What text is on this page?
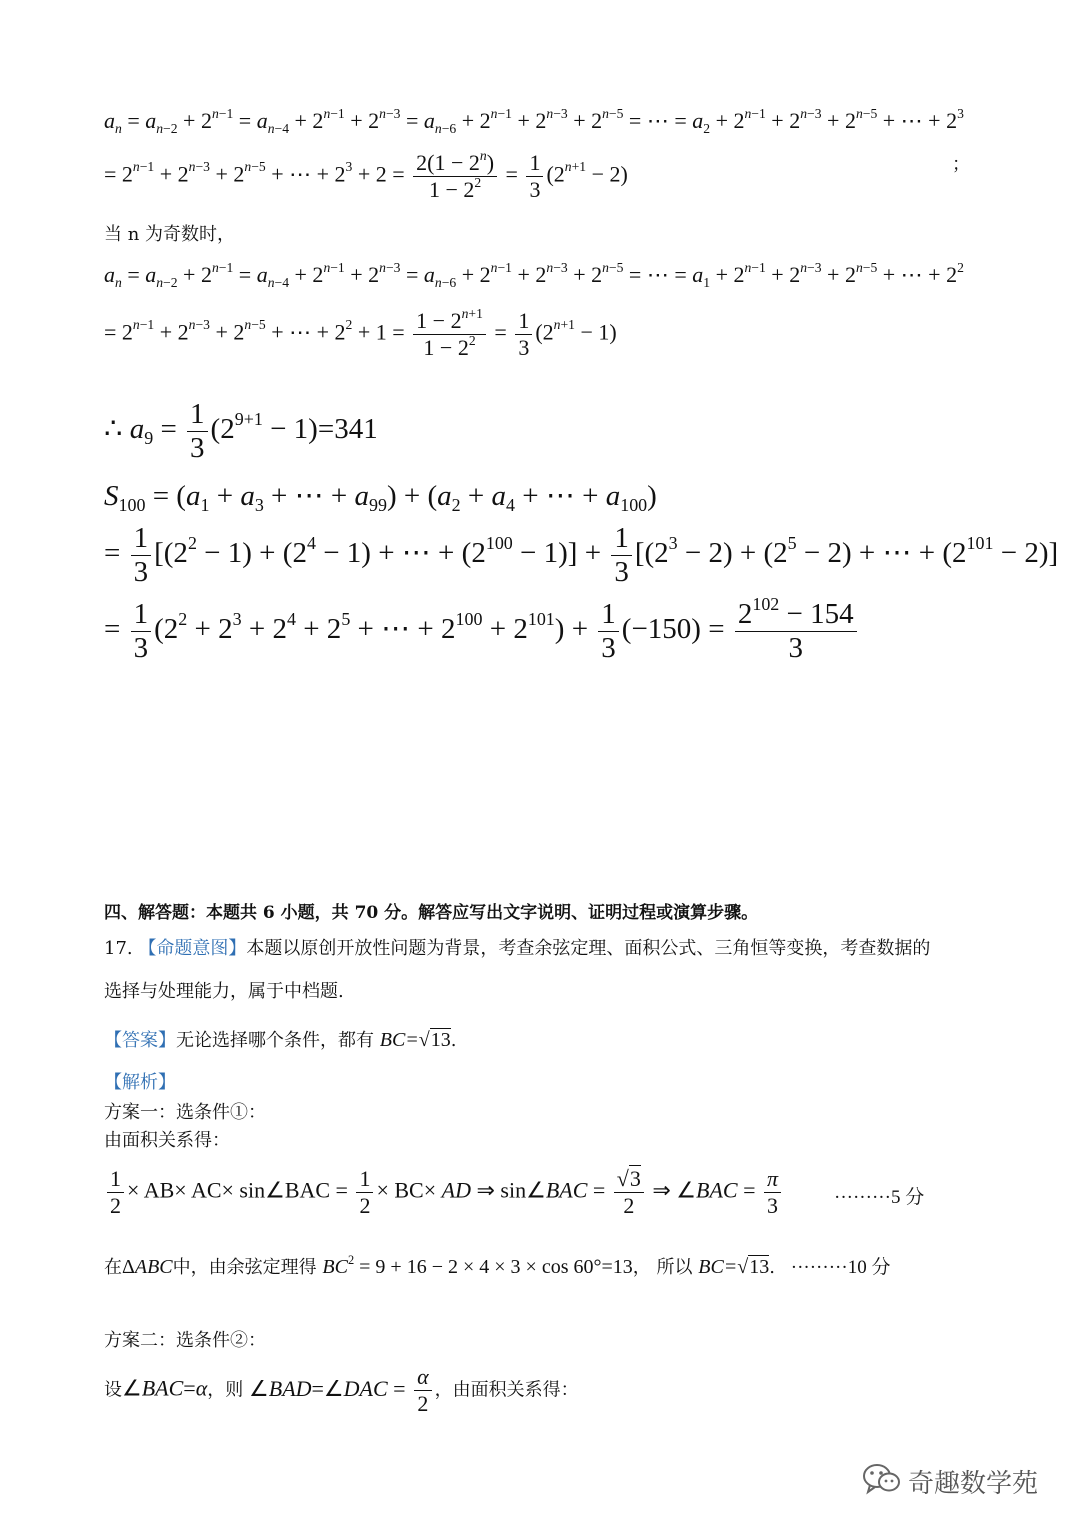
$a_n = a_{n-2} + 2^{n-1} = a_{n-4} + 2^{n-1} + 2^{n-3} = a_{n-6} + 2^{n-1} + 2^{n-3} + 2^{n-5}$ = ⋯ = $a_2 + 2^{n-1} + 2^{n-3} + 2^{n-5}$ + ⋯ + $2^3$
= $2^{n-1} + 2^{n-3} + 2^{n-5}$ + ⋯ + $2^3 + 2 = \frac{2(1 - 2^n)}{1 - 2^2} = \frac{1}{3} (2^{n+1} - 2)$	；
当 n 为奇数时，
$a_n = a_{n-2} + 2^{n-1} = a_{n-4} + 2^{n-1} + 2^{n-3} = a_{n-6} + 2^{n-1} + 2^{n-3} + 2^{n-5}$ = ⋯ = $a_1 + 2^{n-1} + 2^{n-3} + 2^{n-5}$ + ⋯ + $2^2$
= $2^{n-1} + 2^{n-3} + 2^{n-5}$ + ⋯ + $2^2 + 1 = \frac{1 - 2^{n+1}}{1 - 2^2} = \frac{1}{3} (2^{n+1} - 1)$
∴ $a_9 = \frac{1}{3} (2^{9+1} - 1)=341$
$S_{100} = (a_1 + a_3$ + ⋯ + $a_{99}) + (a_2 + a_4$ + ⋯ + $a_{100}$)
= $\frac{1}{3} [(2^2 - 1) + (2^4 - 1)$ + ⋯ + $(2^{100} - 1)] + \frac{1}{3} [(2^3 - 2) + (2^5 - 2)$ + ⋯ + $(2^{101} - 2)$]
= $\frac{1}{3} (2^2 + 2^3 + 2^4 + 2^5$ + ⋯ + $2^{100} + 2^{101}) + \frac{1}{3} (-150) = \frac{2^{102} - 154}{3}$
四、解答题：本题共 6 小题，共 70 分。解答应写出文字说明、证明过程或演算步骤。
17. 【命题意图】本题以原创开放性问题为背景，考查余弦定理、面积公式、三角恒等变换，考查数据的
选择与处理能力，属于中档题.
【答案】无论选择哪个条件，都有 BC=√13.
【解析】
方案一：选条件①：
由面积关系得：
$\frac{1}{2} \times AB\times AC\times$ sin∠BAC = $\frac{1}{2} \times BC\times$ AD ⇒ sin∠BAC = $\frac{√3}{2}$ ⇒ ∠BAC = $\frac{\pi}{3}$	·········5 分
在ΔABC中，由余弦定理得 $BC^2 = 9 + 16 - 2 \times 4 \times 3 \times \cos 60^\circ=13$， 所以 BC=√13. ·········10 分
方案二：选条件②：
设∠BAC=α，则 ∠BAD=∠DAC = $\frac{\alpha}{2}$ ，由面积关系得：
奇趣数学苑
